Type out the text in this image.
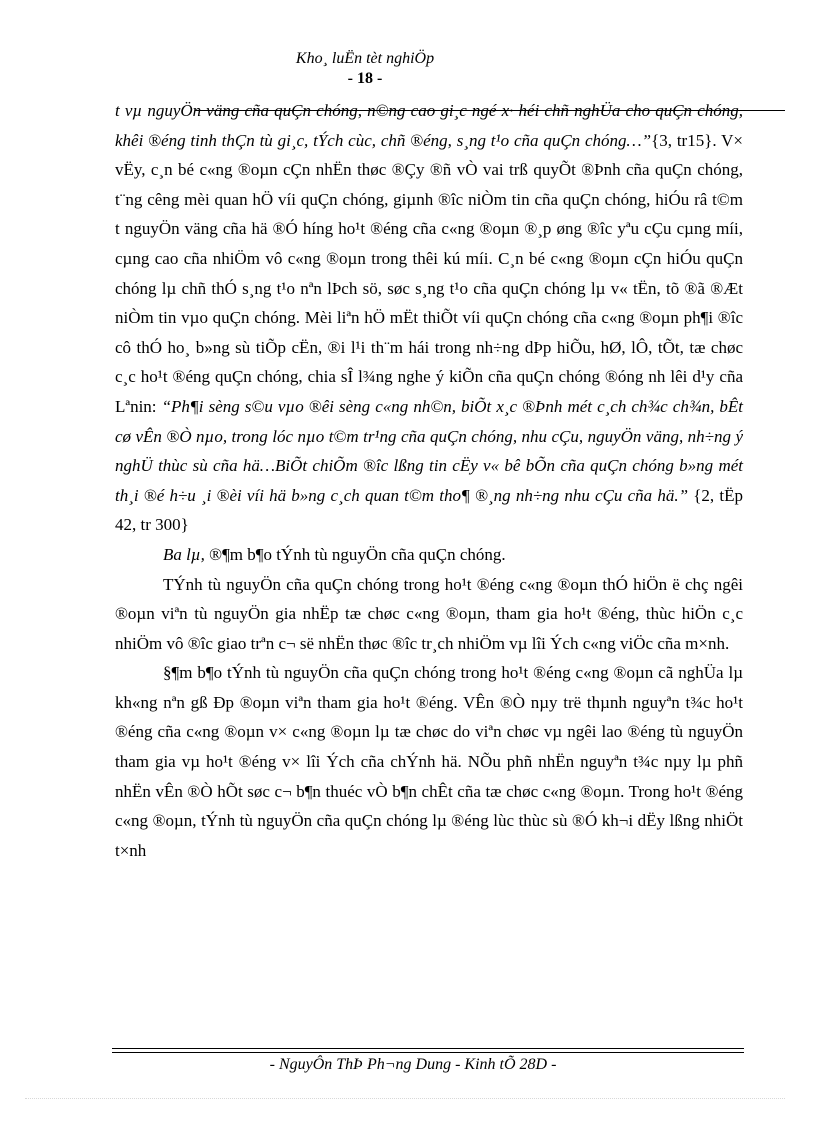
Kho¸ luËn tèt nghiÖp
- 18 -

t vµ nguyÖn väng cña quÇn chóng, n©ng cao gi¸c ngé x· héi chñ nghÜa cho quÇn chóng, khêi ®éng tinh thÇn tù gi¸c, tÝch cùc, chñ ®éng, s¸ng t¹o cña quÇn chóng…”{3, tr15}. V× vËy, c¸n bé c«ng ®oµn cÇn nhËn thøc ®Çy ®ñ vÒ vai trß quyÕt ®Þnh cña quÇn chóng, t¨ng cêng mèi quan hÖ víi quÇn chóng, giµnh ®îc niÒm tin cña quÇn chóng, hiÓu râ t©m t nguyÖn väng cña hä ®Ó híng ho¹t ®éng cña c«ng ®oµn ®¸p øng ®îc yªu cÇu cµng míi, cµng cao cña nhiÖm vô c«ng ®oµn trong thêi kú míi. C¸n bé c«ng ®oµn cÇn hiÓu quÇn chóng lµ chñ thÓ s¸ng t¹o nªn lÞch sö, søc s¸ng t¹o cña quÇn chóng lµ v« tËn, tõ ®ã ®Æt niÒm tin vµo quÇn chóng. Mèi liªn hÖ mËt thiÕt víi quÇn chóng cña c«ng ®oµn ph¶i ®îc cô thÓ ho¸ b»ng sù tiÕp cËn, ®i l¹i th¨m hái trong nh÷ng dÞp hiÕu, hØ, lÔ, tÕt, tæ chøc c¸c ho¹t ®éng quÇn chóng, chia sÎ l¾ng nghe ý kiÕn cña quÇn chóng ®óng nh lêi d¹y cña Lªnin: “Ph¶i sèng s©u vµo ®êi sèng c«ng nh©n, biÕt x¸c ®Þnh mét c¸ch ch¾c ch¾n, bÊt cø vÊn ®Ò nµo, trong lóc nµo t©m tr¹ng cña quÇn chóng, nhu cÇu, nguyÖn väng, nh÷ng ý nghÜ thùc sù cña hä…BiÕt chiÕm ®îc lßng tin cËy v« bê bÕn cña quÇn chóng b»ng mét th¸i ®é h÷u ¸i ®èi víi hä b»ng c¸ch quan t©m tho¶ ®¸ng nh÷ng nhu cÇu cña hä.” {2, tËp 42, tr 300}

Ba lµ, ®¶m b¶o tÝnh tù nguyÖn cña quÇn chóng.

TÝnh tù nguyÖn cña quÇn chóng trong ho¹t ®éng c«ng ®oµn thÓ hiÖn ë chç ngêi ®oµn viªn tù nguyÖn gia nhËp tæ chøc c«ng ®oµn, tham gia ho¹t ®éng, thùc hiÖn c¸c nhiÖm vô ®îc giao trªn c¬ së nhËn thøc ®îc tr¸ch nhiÖm vµ lîi Ých c«ng viÖc cña m×nh.

§¶m b¶o tÝnh tù nguyÖn cña quÇn chóng trong ho¹t ®éng c«ng ®oµn cã nghÜa lµ kh«ng nªn gß Ðp ®oµn viªn tham gia ho¹t ®éng. VÊn ®Ò nµy trë thµnh nguyªn t¾c ho¹t ®éng cña c«ng ®oµn v× c«ng ®oµn lµ tæ chøc do viªn chøc vµ ngêi lao ®éng tù nguyÖn tham gia vµ ho¹t ®éng v× lîi Ých cña chÝnh hä. NÕu phñ nhËn nguyªn t¾c nµy lµ phñ nhËn vÊn ®Ò hÕt søc c¬ b¶n thuéc vÒ b¶n chÊt cña tæ chøc c«ng ®oµn. Trong ho¹t ®éng c«ng ®oµn, tÝnh tù nguyÖn cña quÇn chóng lµ ®éng lùc thùc sù ®Ó kh¬i dËy lßng nhiÖt t×nh

- NguyÔn ThÞ Ph¬ng Dung - Kinh tÕ 28D -
